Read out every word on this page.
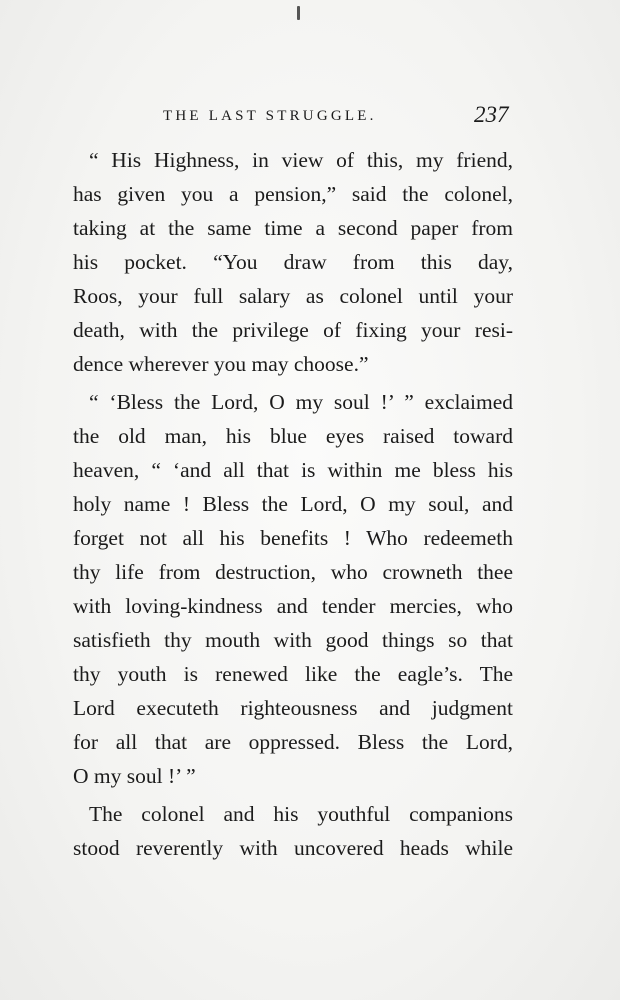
THE LAST STRUGGLE.	237
“ His Highness, in view of this, my friend,
has given you a pension,” said the colonel,
taking at the same time a second paper from
his pocket. “You draw from this day,
Roos, your full salary as colonel until your
death, with the privilege of fixing your resi-
dence wherever you may choose.”
“ ‘Bless the Lord, O my soul !’ ” exclaimed
the old man, his blue eyes raised toward
heaven, “ ‘and all that is within me bless his
holy name ! Bless the Lord, O my soul, and
forget not all his benefits ! Who redeemeth
thy life from destruction, who crowneth thee
with loving-kindness and tender mercies, who
satisfieth thy mouth with good things so that
thy youth is renewed like the eagle’s. The
Lord executeth righteousness and judgment
for all that are oppressed. Bless the Lord,
O my soul !’ ”
The colonel and his youthful companions
stood reverently with uncovered heads while
